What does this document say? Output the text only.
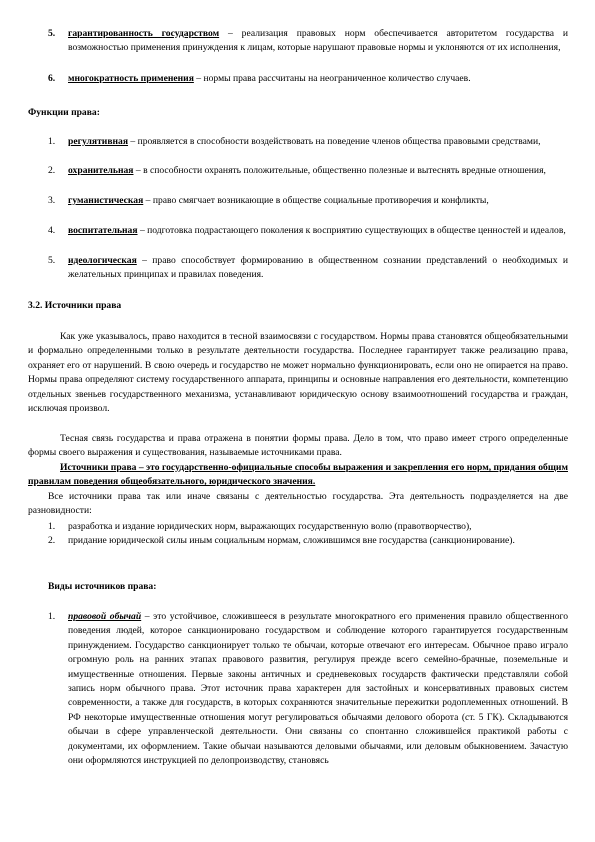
5. гарантированность государством – реализация правовых норм обеспечивается авторитетом государства и возможностью применения принуждения к лицам, которые нарушают правовые нормы и уклоняются от их исполнения,
6. многократность применения – нормы права рассчитаны на неограниченное количество случаев.
Функции права:
1. регулятивная – проявляется в способности воздействовать на поведение членов общества правовыми средствами,
2. охранительная – в способности охранять положительные, общественно полезные и вытеснять вредные отношения,
3. гуманистическая – право смягчает возникающие в обществе социальные противоречия и конфликты,
4. воспитательная – подготовка подрастающего поколения к восприятию существующих в обществе ценностей и идеалов,
5. идеологическая – право способствует формированию в общественном сознании представлений о необходимых и желательных принципах и правилах поведения.
3.2. Источники права

Как уже указывалось, право находится в тесной взаимосвязи с государством. Нормы права становятся общеобязательными и формально определенными только в результате деятельности государства. Последнее гарантирует также реализацию права, охраняет его от нарушений. В свою очередь и государство не может нормально функционировать, если оно не опирается на право. Нормы права определяют систему государственного аппарата, принципы и основные направления его деятельности, компетенцию отдельных звеньев государственного механизма, устанавливают юридическую основу взаимоотношений государства и граждан, исключая произвол.

Тесная связь государства и права отражена в понятии формы права. Дело в том, что право имеет строго определенные формы своего выражения и существования, называемые источниками права.

Источники права – это государственно-официальные способы выражения и закрепления его норм, придания общим правилам поведения общеобязательного, юридического значения.

Все источники права так или иначе связаны с деятельностью государства. Эта деятельность подразделяется на две разновидности:

1. разработка и издание юридических норм, выражающих государственную волю (правотворчество),
2. придание юридической силы иным социальным нормам, сложившимся вне государства (санкционирование).
Виды источников права:
1. правовой обычай – это устойчивое, сложившееся в результате многократного его применения правило общественного поведения людей, которое санкционировано государством и соблюдение которого гарантируется государственным принуждением. Государство санкционирует только те обычаи, которые отвечают его интересам. Обычное право играло огромную роль на ранних этапах правового развития, регулируя прежде всего семейно-брачные, поземельные и имущественные отношения. Первые законы античных и средневековых государств фактически представляли собой запись норм обычного права. Этот источник права характерен для застойных и консервативных правовых систем современности, а также для государств, в которых сохраняются значительные пережитки родоплеменных отношений. В РФ некоторые имущественные отношения могут регулироваться обычаями делового оборота (ст. 5 ГК). Складываются обычаи в сфере управленческой деятельности. Они связаны со спонтанно сложившейся практикой работы с документами, их оформлением. Такие обычаи называются деловыми обычаями, или деловым обыкновением. Зачастую они оформляются инструкцией по делопроизводству, становясь
